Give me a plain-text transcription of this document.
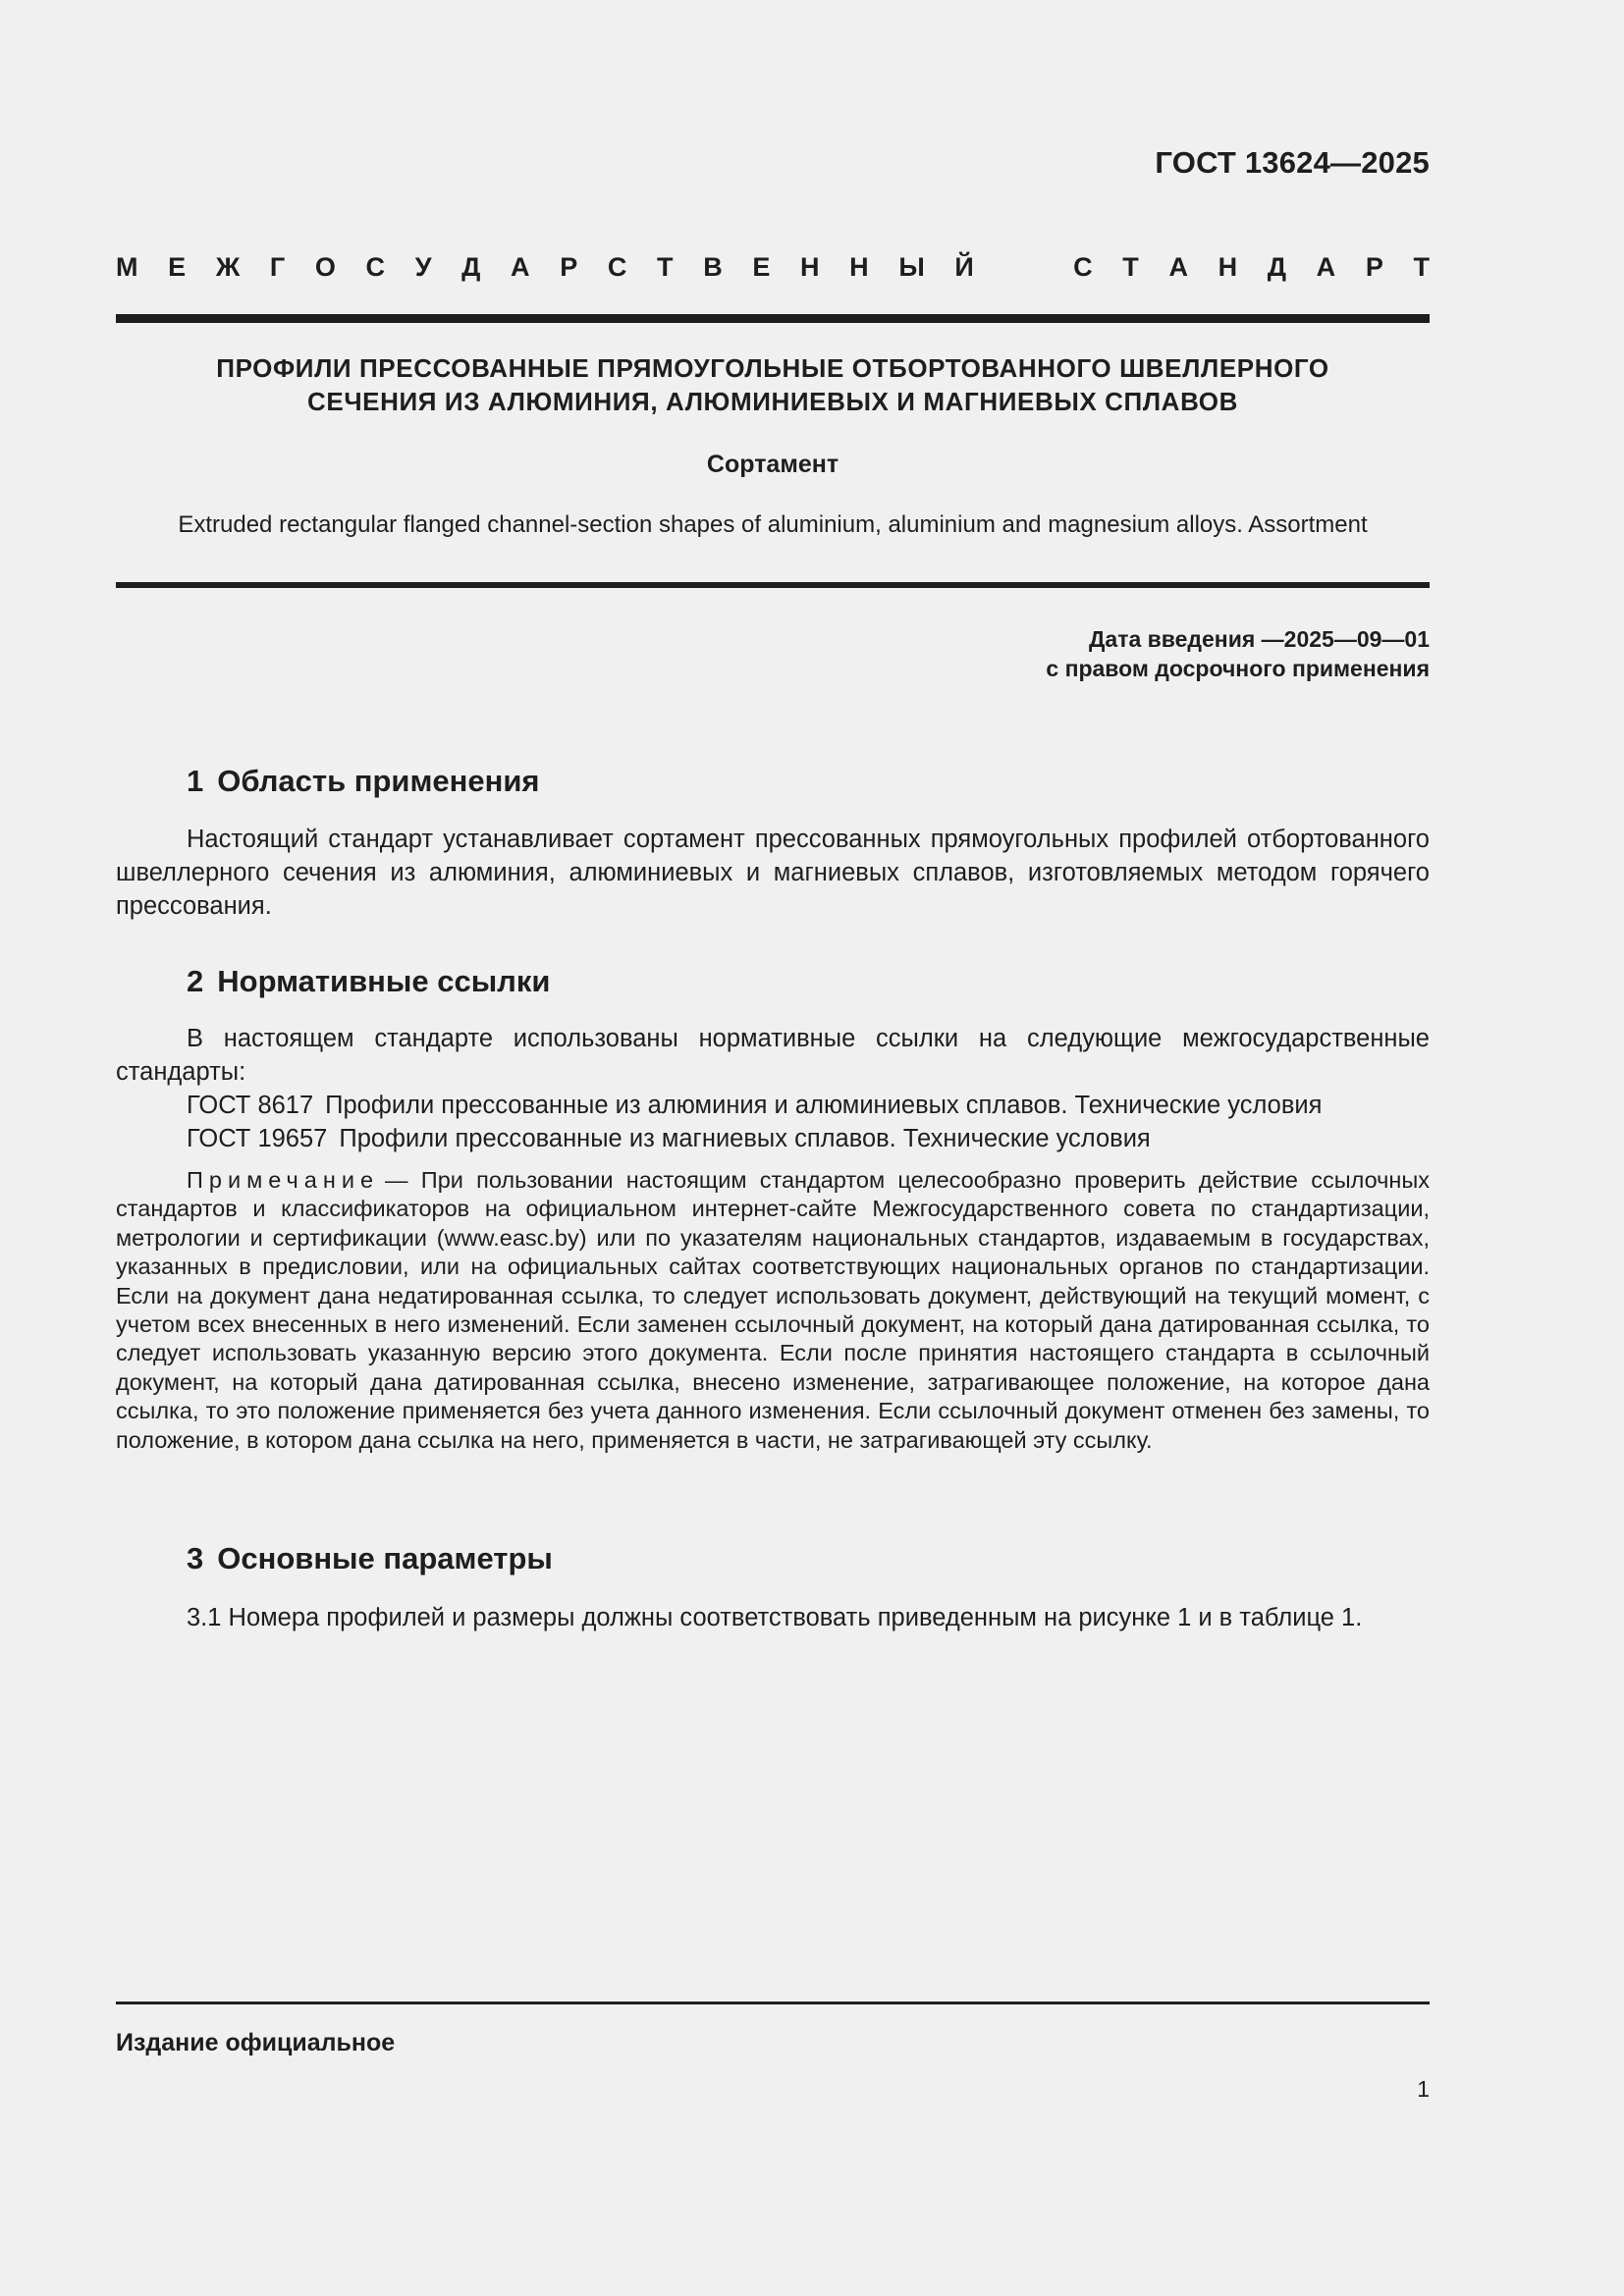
ГОСТ 13624—2025
М Е Ж Г О С У Д А Р С Т В Е Н Н Ы Й	С Т А Н Д А Р Т
ПРОФИЛИ ПРЕССОВАННЫЕ ПРЯМОУГОЛЬНЫЕ ОТБОРТОВАННОГО ШВЕЛЛЕРНОГО
СЕЧЕНИЯ ИЗ АЛЮМИНИЯ, АЛЮМИНИЕВЫХ И МАГНИЕВЫХ СПЛАВОВ
Сортамент
Extruded rectangular flanged channel-section shapes of aluminium, aluminium and magnesium alloys. Assortment
Дата введения —2025—09—01
с правом досрочного применения
1 Область применения
Настоящий стандарт устанавливает сортамент прессованных прямоугольных профилей отбортованного швеллерного сечения из алюминия, алюминиевых и магниевых сплавов, изготовляемых методом горячего прессования.
2 Нормативные ссылки
В настоящем стандарте использованы нормативные ссылки на следующие межгосударственные стандарты:
ГОСТ 8617 Профили прессованные из алюминия и алюминиевых сплавов. Технические условия
ГОСТ 19657 Профили прессованные из магниевых сплавов. Технические условия
Примечание — При пользовании настоящим стандартом целесообразно проверить действие ссылочных стандартов и классификаторов на официальном интернет-сайте Межгосударственного совета по стандартизации, метрологии и сертификации (www.easc.by) или по указателям национальных стандартов, издаваемым в государствах, указанных в предисловии, или на официальных сайтах соответствующих национальных органов по стандартизации. Если на документ дана недатированная ссылка, то следует использовать документ, действующий на текущий момент, с учетом всех внесенных в него изменений. Если заменен ссылочный документ, на который дана датированная ссылка, то следует использовать указанную версию этого документа. Если после принятия настоящего стандарта в ссылочный документ, на который дана датированная ссылка, внесено изменение, затрагивающее положение, на которое дана ссылка, то это положение применяется без учета данного изменения. Если ссылочный документ отменен без замены, то положение, в котором дана ссылка на него, применяется в части, не затрагивающей эту ссылку.
3 Основные параметры
3.1 Номера профилей и размеры должны соответствовать приведенным на рисунке 1 и в таблице 1.
Издание официальное
1
